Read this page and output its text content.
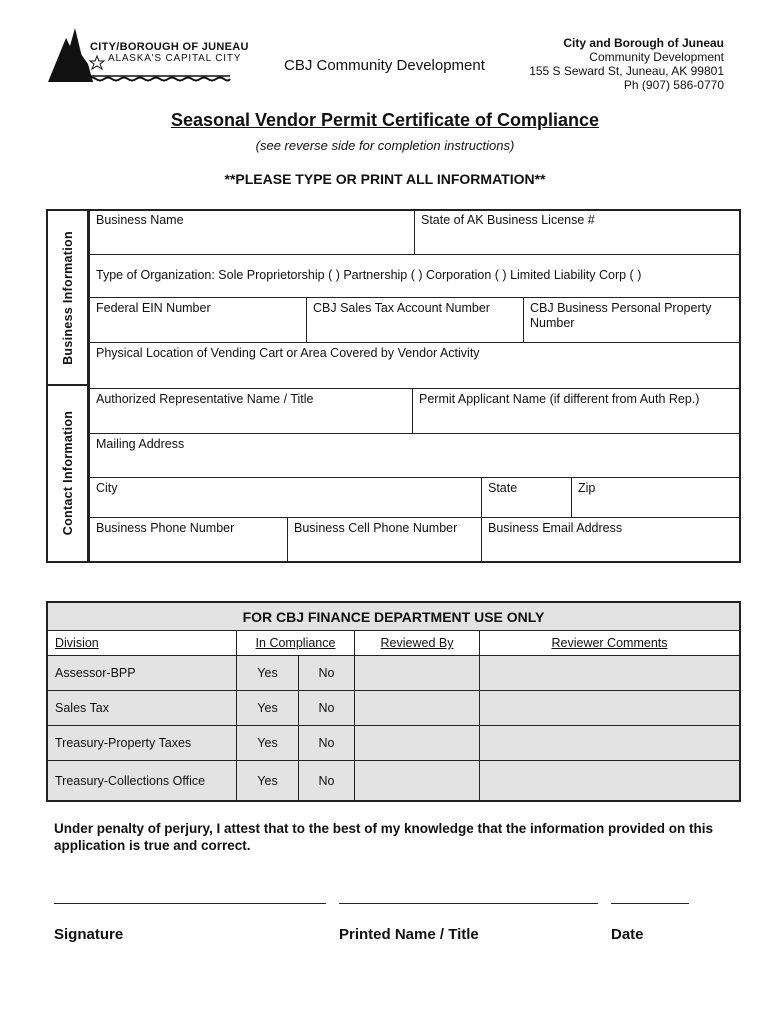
CITY/BOROUGH OF JUNEAU
ALASKA'S CAPITAL CITY	CBJ Community Development
City and Borough of Juneau
Community Development
155 S Seward St, Juneau, AK 99801
Ph (907) 586-0770
Seasonal Vendor Permit Certificate of Compliance
(see reverse side for completion instructions)
**PLEASE TYPE OR PRINT ALL INFORMATION**
Business Information
Contact Information
Business Name	State of AK Business License #
Type of Organization: Sole Proprietorship ( ) Partnership ( ) Corporation ( ) Limited Liability Corp ( )
Federal EIN Number	CBJ Sales Tax Account Number	CBJ Business Personal Property Number
Physical Location of Vending Cart or Area Covered by Vendor Activity
Authorized Representative Name / Title	Permit Applicant Name (if different from Auth Rep.)
Mailing Address
City	State	Zip
Business Phone Number	Business Cell Phone Number	Business Email Address
FOR CBJ FINANCE DEPARTMENT USE ONLY
Division	In Compliance	Reviewed By	Reviewer Comments
Assessor-BPP	Yes	No
Sales Tax	Yes	No
Treasury-Property Taxes	Yes	No
Treasury-Collections Office	Yes	No
Under penalty of perjury, I attest that to the best of my knowledge that the information provided on this application is true and correct.
Signature	Printed Name / Title	Date
